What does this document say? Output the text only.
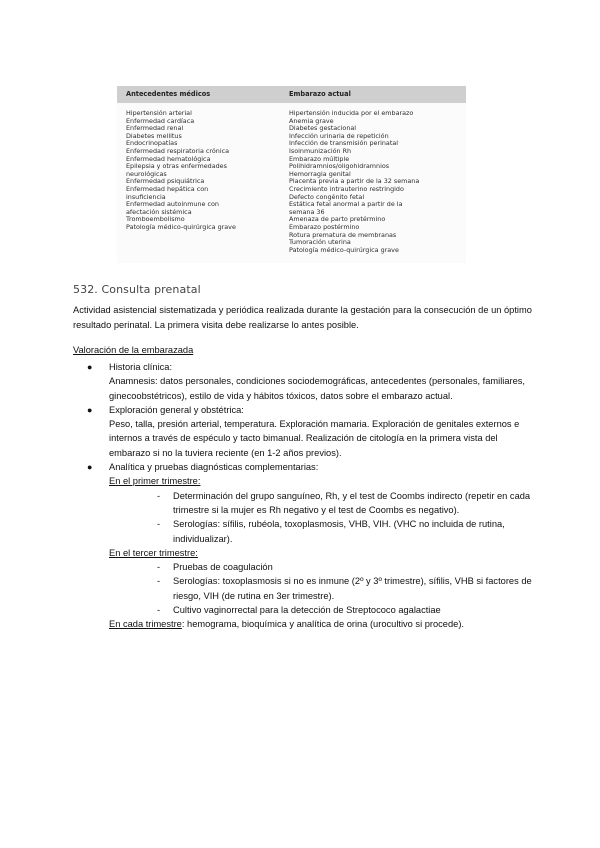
Antecedentes médicos	Embarazo actual
Hipertensión arterial
Enfermedad cardíaca
Enfermedad renal
Diabetes mellitus
Endocrinopatías
Enfermedad respiratoria crónica
Enfermedad hematológica
Epilepsia y otras enfermedades
neurológicas
Enfermedad psiquiátrica
Enfermedad hepática con
insuficiencia
Enfermedad autoinmune con
afectación sistémica
Tromboembolismo
Patología médico-quirúrgica grave
Hipertensión inducida por el embarazo
Anemia grave
Diabetes gestacional
Infección urinaria de repetición
Infección de transmisión perinatal
Isoinmunización Rh
Embarazo múltiple
Polihidramnios/oligohidramnios
Hemorragia genital
Placenta previa a partir de la 32 semana
Crecimiento intrauterino restringido
Defecto congénito fetal
Estática fetal anormal a partir de la
semana 36
Amenaza de parto pretérmino
Embarazo postérmino
Rotura prematura de membranas
Tumoración uterina
Patología médico-quirúrgica grave
532. Consulta prenatal
Actividad asistencial sistematizada y periódica realizada durante la gestación para la consecución de un óptimo resultado perinatal. La primera visita debe realizarse lo antes posible.
Valoración de la embarazada
● Historia clínica:
Anamnesis: datos personales, condiciones sociodemográficas, antecedentes (personales, familiares, ginecoobstétricos), estilo de vida y hábitos tóxicos, datos sobre el embarazo actual.
● Exploración general y obstétrica:
Peso, talla, presión arterial, temperatura. Exploración mamaria. Exploración de genitales externos e internos a través de espéculo y tacto bimanual. Realización de citología en la primera vista del embarazo si no la tuviera reciente (en 1-2 años previos).
● Analítica y pruebas diagnósticas complementarias:
En el primer trimestre:
- Determinación del grupo sanguíneo, Rh, y el test de Coombs indirecto (repetir en cada trimestre si la mujer es Rh negativo y el test de Coombs es negativo).
- Serologías: sífilis, rubéola, toxoplasmosis, VHB, VIH. (VHC no incluida de rutina, individualizar).
En el tercer trimestre:
- Pruebas de coagulación
- Serologías: toxoplasmosis si no es inmune (2º y 3º trimestre), sífilis, VHB si factores de riesgo, VIH (de rutina en 3er trimestre).
- Cultivo vaginorrectal para la detección de Streptococo agalactiae
En cada trimestre: hemograma, bioquímica y analítica de orina (urocultivo si procede).
